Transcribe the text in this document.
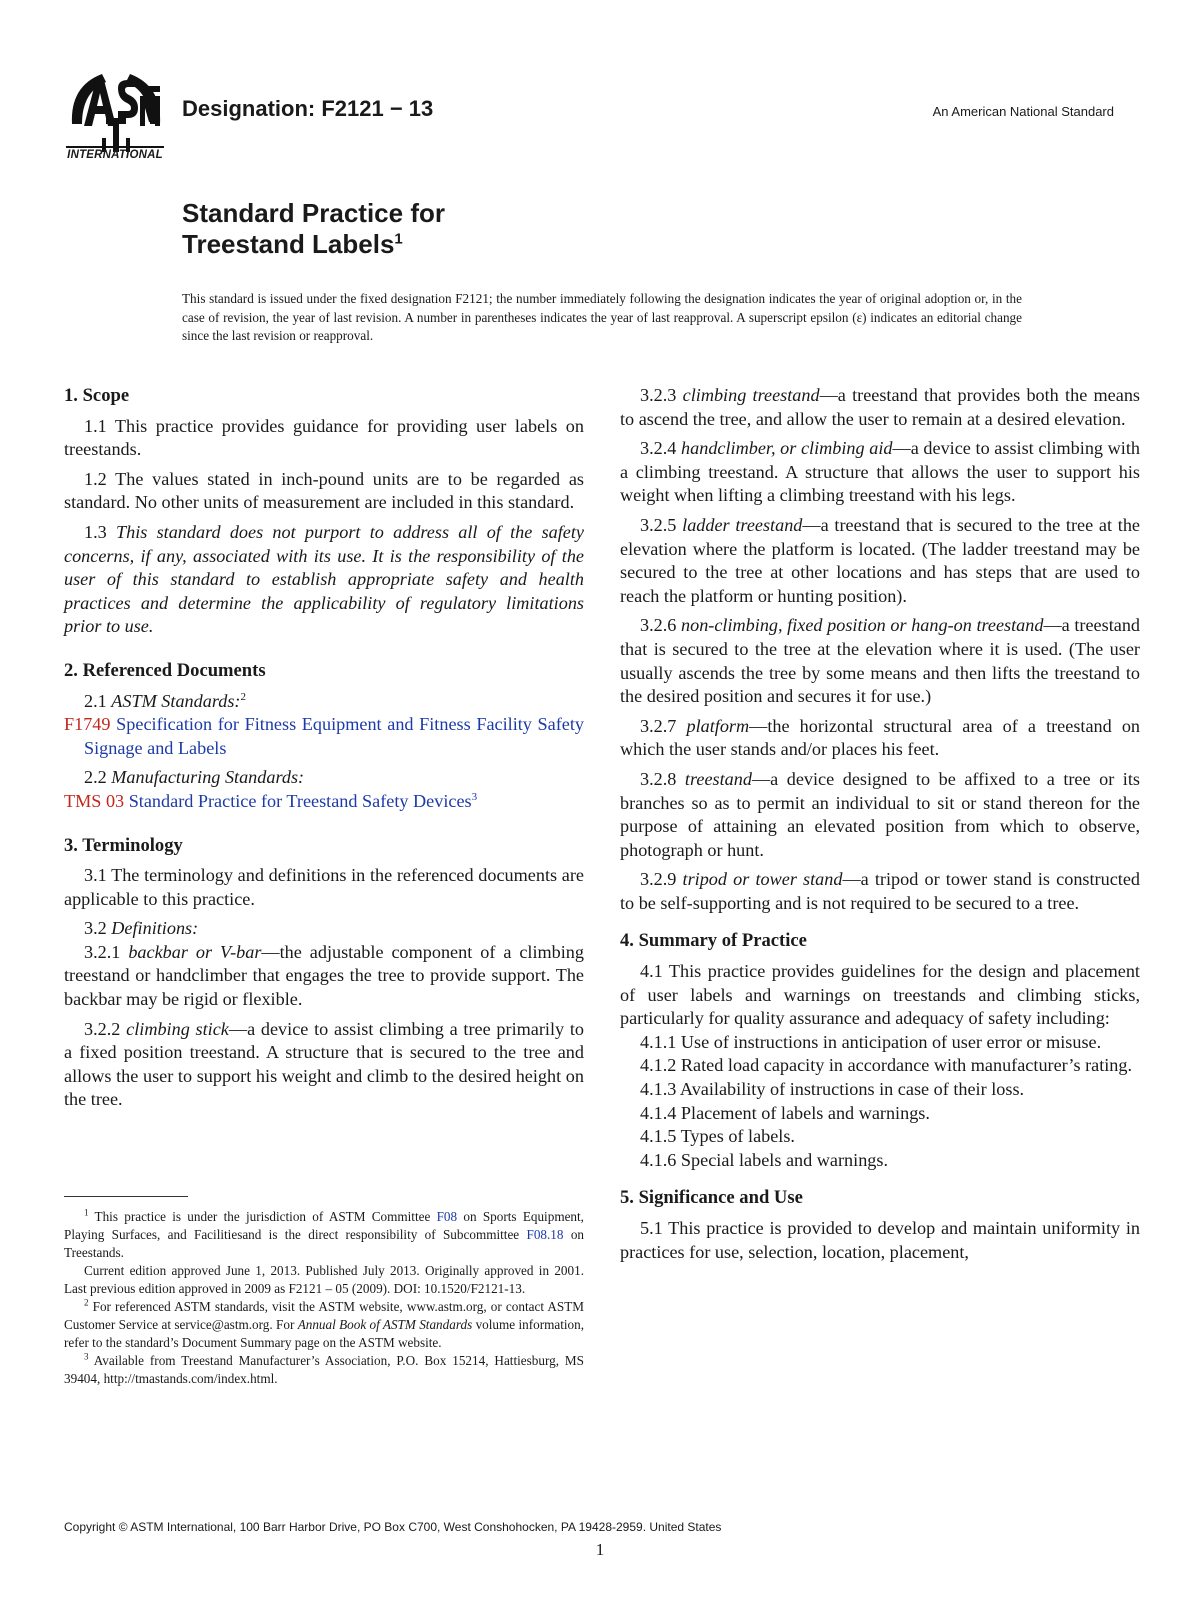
INTERNATIONAL
Designation: F2121 − 13	An American National Standard
Standard Practice for
Treestand Labels$^1$
This standard is issued under the fixed designation F2121; the number immediately following the designation indicates the year of original adoption or, in the case of revision, the year of last revision. A number in parentheses indicates the year of last reapproval. A superscript epsilon (ε) indicates an editorial change since the last revision or reapproval.
1. Scope

1.1 This practice provides guidance for providing user labels on treestands.

1.2 The values stated in inch-pound units are to be regarded as standard. No other units of measurement are included in this standard.

1.3 This standard does not purport to address all of the safety concerns, if any, associated with its use. It is the responsibility of the user of this standard to establish appropriate safety and health practices and determine the applicability of regulatory limitations prior to use.

2. Referenced Documents

2.1 ASTM Standards:$^2$

F1749 Specification for Fitness Equipment and Fitness Facility Safety Signage and Labels

2.2 Manufacturing Standards:

TMS 03 Standard Practice for Treestand Safety Devices$^3$

3. Terminology

3.1 The terminology and definitions in the referenced documents are applicable to this practice.

3.2 Definitions:

3.2.1 backbar or V-bar—the adjustable component of a climbing treestand or handclimber that engages the tree to provide support. The backbar may be rigid or flexible.

3.2.2 climbing stick—a device to assist climbing a tree primarily to a fixed position treestand. A structure that is secured to the tree and allows the user to support his weight and climb to the desired height on the tree.

$^1$ This practice is under the jurisdiction of ASTM Committee F08 on Sports Equipment, Playing Surfaces, and Facilitiesand is the direct responsibility of Subcommittee F08.18 on Treestands.

Current edition approved June 1, 2013. Published July 2013. Originally approved in 2001. Last previous edition approved in 2009 as F2121 – 05 (2009). DOI: 10.1520/F2121-13.

$^2$ For referenced ASTM standards, visit the ASTM website, www.astm.org, or contact ASTM Customer Service at service@astm.org. For Annual Book of ASTM Standards volume information, refer to the standard’s Document Summary page on the ASTM website.

$^3$ Available from Treestand Manufacturer’s Association, P.O. Box 15214, Hattiesburg, MS 39404, http://tmastands.com/index.html.

3.2.3 climbing treestand—a treestand that provides both the means to ascend the tree, and allow the user to remain at a desired elevation.

3.2.4 handclimber, or climbing aid—a device to assist climbing with a climbing treestand. A structure that allows the user to support his weight when lifting a climbing treestand with his legs.

3.2.5 ladder treestand—a treestand that is secured to the tree at the elevation where the platform is located. (The ladder treestand may be secured to the tree at other locations and has steps that are used to reach the platform or hunting position).

3.2.6 non-climbing, fixed position or hang-on treestand—a treestand that is secured to the tree at the elevation where it is used. (The user usually ascends the tree by some means and then lifts the treestand to the desired position and secures it for use.)

3.2.7 platform—the horizontal structural area of a treestand on which the user stands and/or places his feet.

3.2.8 treestand—a device designed to be affixed to a tree or its branches so as to permit an individual to sit or stand thereon for the purpose of attaining an elevated position from which to observe, photograph or hunt.

3.2.9 tripod or tower stand—a tripod or tower stand is constructed to be self-supporting and is not required to be secured to a tree.

4. Summary of Practice

4.1 This practice provides guidelines for the design and placement of user labels and warnings on treestands and climbing sticks, particularly for quality assurance and adequacy of safety including:

4.1.1 Use of instructions in anticipation of user error or misuse.

4.1.2 Rated load capacity in accordance with manufacturer’s rating.

4.1.3 Availability of instructions in case of their loss.

4.1.4 Placement of labels and warnings.

4.1.5 Types of labels.

4.1.6 Special labels and warnings.

5. Significance and Use

5.1 This practice is provided to develop and maintain uniformity in practices for use, selection, location, placement,

Copyright © ASTM International, 100 Barr Harbor Drive, PO Box C700, West Conshohocken, PA 19428-2959. United States
1
